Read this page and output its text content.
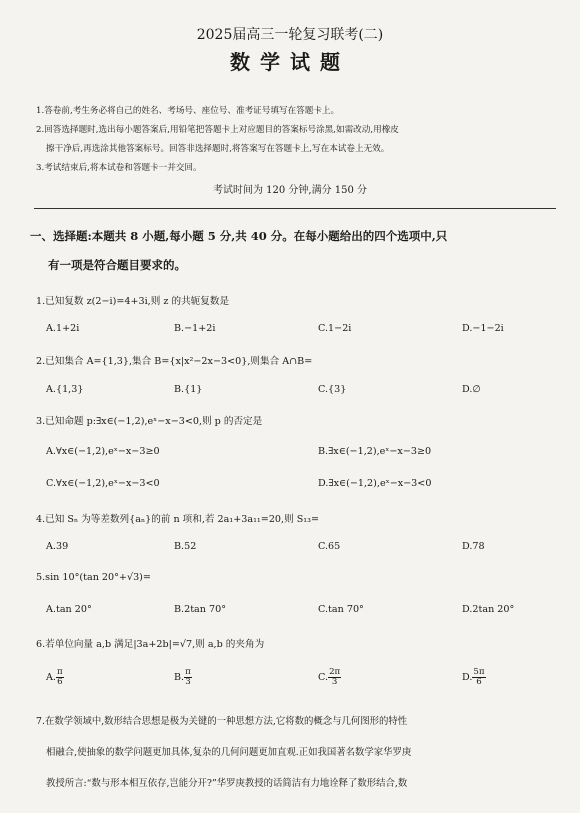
2025届高三一轮复习联考(二)
数学试题
1.答卷前,考生务必将自己的姓名、考场号、座位号、准考证号填写在答题卡上。
2.回答选择题时,选出每小题答案后,用铅笔把答题卡上对应题目的答案标号涂黑,如需改动,用橡皮
擦干净后,再选涂其他答案标号。回答非选择题时,将答案写在答题卡上,写在本试卷上无效。
3.考试结束后,将本试卷和答题卡一并交回。
考试时间为 120 分钟,满分 150 分
一、选择题:本题共 8 小题,每小题 5 分,共 40 分。在每小题给出的四个选项中,只
有一项是符合题目要求的。
1.已知复数 z(2−i)=4+3i,则 z 的共轭复数是
A.1+2i	B.−1+2i	C.1−2i	D.−1−2i
2.已知集合 A={1,3},集合 B={x|x²−2x−3<0},则集合 A∩B=
A.{1,3}	B.{1}	C.{3}	D.∅
3.已知命题 p:∃x∈(−1,2),eˣ−x−3<0,则 p 的否定是
A.∀x∈(−1,2),eˣ−x−3≥0	B.∃x∈(−1,2),eˣ−x−3≥0
C.∀x∈(−1,2),eˣ−x−3<0	D.∃x∈(−1,2),eˣ−x−3<0
4.已知 Sₙ 为等差数列{aₙ}的前 n 项和,若 2a₁+3a₁₁=20,则 S₁₃=
A.39	B.52	C.65	D.78
5.sin 10°(tan 20°+√3)=
A.tan 20°	B.2tan 70°	C.tan 70°	D.2tan 20°
6.若单位向量 a,b 满足|3a+2b|=√7,则 a,b 的夹角为
A. $\frac{\pi}{6}$	B. $\frac{\pi}{3}$	C. $\frac{2\pi}{3}$	D. $\frac{5\pi}{6}$
7.在数学领域中,数形结合思想是极为关键的一种思想方法,它将数的概念与几何图形的特性
相融合,使抽象的数学问题更加具体,复杂的几何问题更加直观.正如我国著名数学家华罗庚
教授所言:“数与形本相互依存,岂能分开?”华罗庚教授的话简洁有力地诠释了数形结合,数
